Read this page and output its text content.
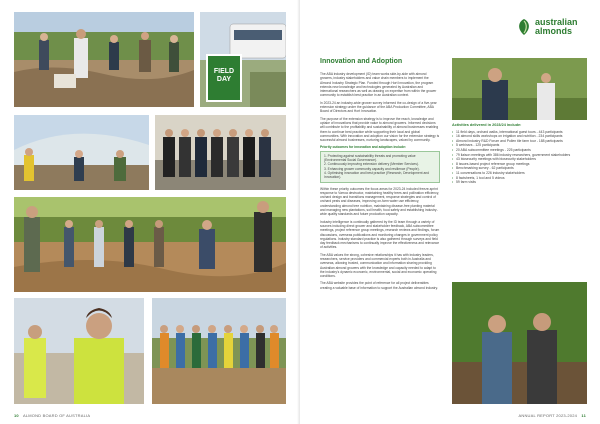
FIELD
DAY
10 ALMOND BOARD OF AUSTRALIA
australian
almonds
Innovation and Adoption

The ABA industry development (ID) team works side-by-side with almond growers, industry stakeholders and value chain members to implement the Almond Industry Strategic Plan. Funded through Hort Innovation, the program extends new knowledge and technologies generated by Australian and international researchers as well as drawing on expertise from within the grower community to establish best practice in an Australian context.

In 2023-24 an industry-wide grower survey informed the co-design of a five-year extension strategy under the guidance of the ABA Production Committee, ABA Board of Directors and Hort Innovation.

The purpose of the extension strategy is to improve the reach, knowledge and uptake of innovations that provide value to almond growers. Informed decisions will contribute to the profitability and sustainability of almond businesses enabling them to continue best practice while supporting their local and global communities. With innovation and adoption our vision for the extension strategy is successful almond businesses, nurturing landscapes, valued by community.

Priority outcomes for innovation and adoption include:

1. Protecting against sustainability threats and promoting value (Environmental Social Governance).

2. Continuously improving extension delivery (Member Services).

3. Enhancing grower community capacity and resilience (People).

4. Optimising innovation and best practice (Research, Development and Innovation).

Within these priority outcomes the focus areas for 2023-24 included freeze-sprint response to Varroa destructor, maintaining healthy trees and pollination efficiency, orchard design and transitions management, response strategies and control of orchard pests and diseases, improving on-farm water use efficiency, understanding almond tree nutrition, maintaining disease-free planting material and managing new plantations, soil health, food safety and establishing industry-wide quality standards and future production capacity.

Industry intelligence is continually gathered by the ID team through a variety of sources including direct grower and stakeholder feedback, ABA subcommittee meetings, project reference group meetings, research reviews and findings, forum discussions, overseas publications and monitoring changes in government policy regulations. Industry standard practice is also gathered through surveys and field day feedback mechanisms to continually improve the effectiveness and relevance of activities.

The ABA values the strong, cohesive relationships it has with industry leaders, researchers, service providers and commercial experts both in Australia and overseas, allowing trusted, communication and information sharing providing Australian almond growers with the knowledge and capacity needed to adapt to the industry's dynamic economic, environmental, social and economic operating conditions.

The ABA website provides the point of reference for all project deliverables creating a valuable base of information to support the Australian almond industry.

Activities delivered in 2023/24 include:
• 11 field days, orchard walks, international guest tours - 443 participants
• 16 almond skills workshops on irrigation and nutrition - 234 participants
• Almond industry R&D Forum and Pollen tile farm tour - 188 participants
• 5 webinars - 125 participants
• 20 ABA subcommittee meetings - 225 participants
• 79 liaison meetings with 386 industry researchers, government stakeholders
• 43 biosecurity meetings with biosecurity stakeholders
• 8 issues-based project reference group meetings
• Benchmarking survey - 62 participants
• 11 conversations to 226 industry stakeholders
• 8 factsheets, 1 tool and 5 videos
• 59 farm visits
ANNUAL REPORT 2023-2024 11
